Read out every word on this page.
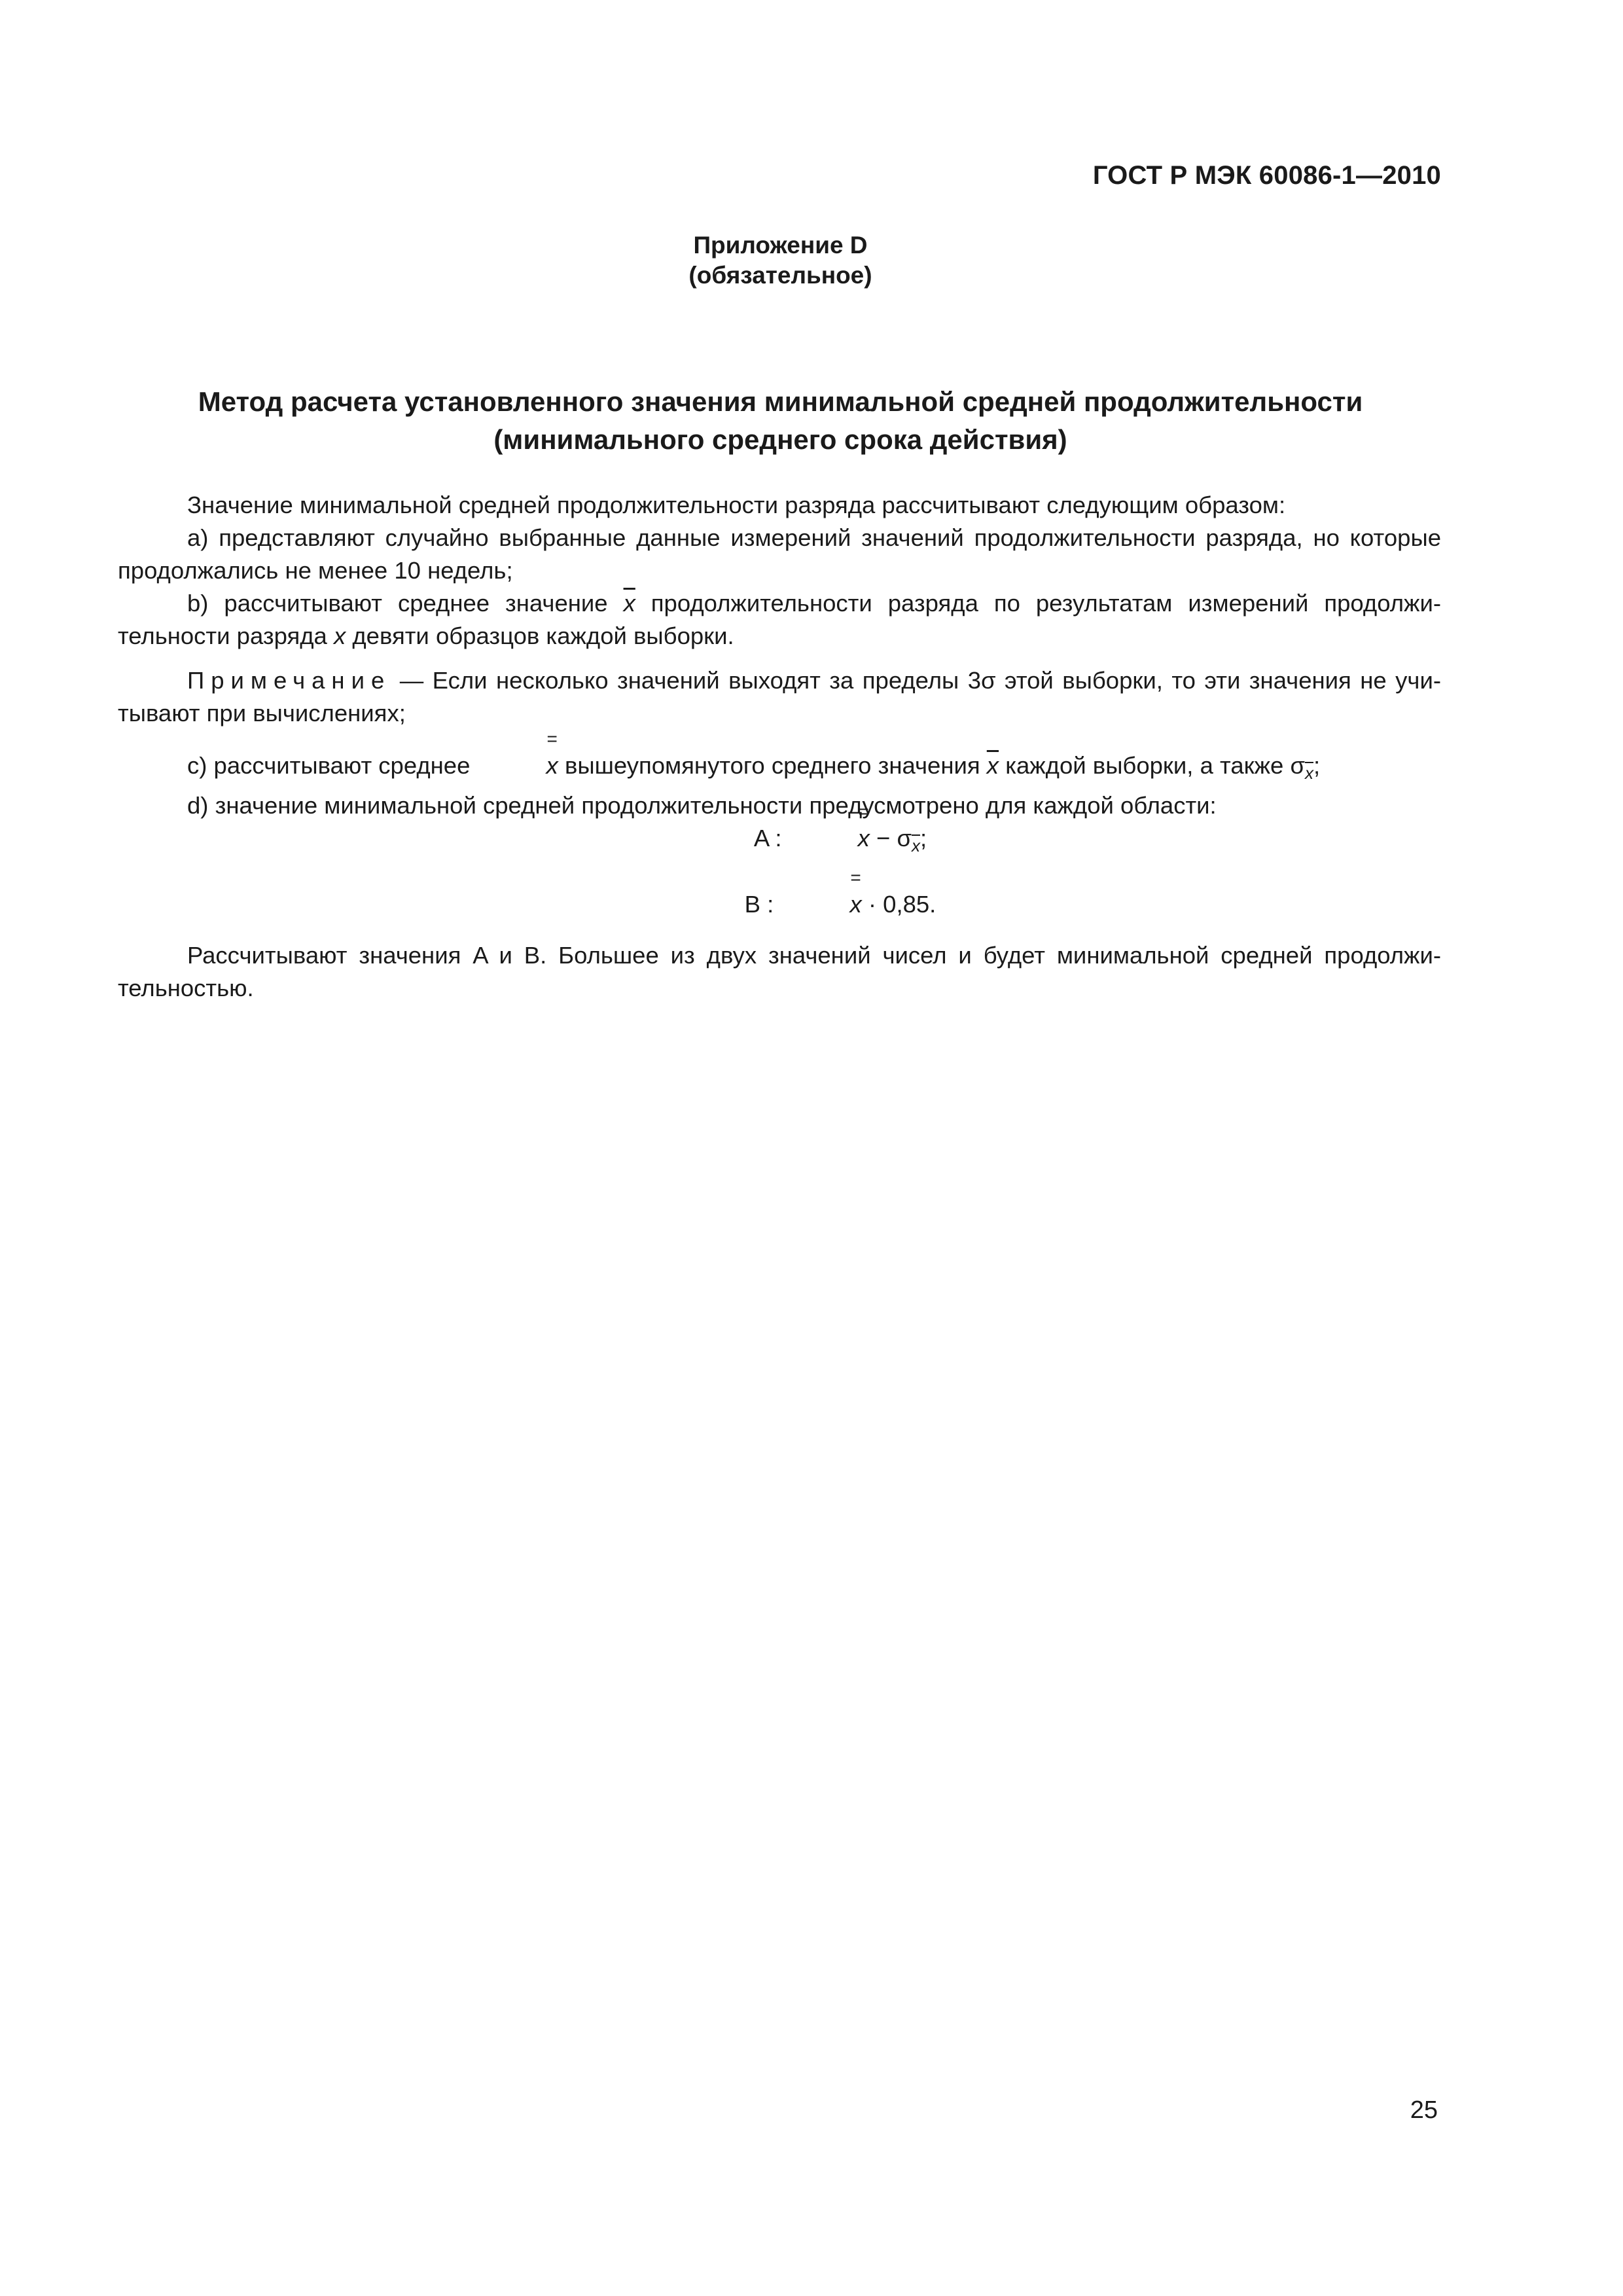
ГОСТ Р МЭК 60086-1—2010
Приложение D
(обязательное)
Метод расчета установленного значения минимальной средней продолжительности
(минимального среднего срока действия)

Значение минимальной средней продолжительности разряда рассчитывают следующим образом:

а) представляют случайно выбранные данные измерений значений продолжительности разряда, но которые продолжались не менее 10 недель;

b) рассчитывают среднее значение $\overline{x}$ продолжительности разряда по результатам измерений продолжительности разряда x девяти образцов каждой выборки.

Примечание — Если несколько значений выходят за пределы 3σ этой выборки, то эти значения не учитывают при вычислениях;

c) рассчитывают среднее	= x вышеупомянутого среднего значения $\overline{x}$ каждой выборки, а также $\sigma_{\overline{x}}$;

d) значение минимальной средней продолжительности предусмотрено для каждой области:

A :	= $x - \sigma_{\overline{x}}$;

B :	= x · 0,85.

Рассчитывают значения A и B. Большее из двух значений чисел и будет минимальной средней продолжительностью.

25
